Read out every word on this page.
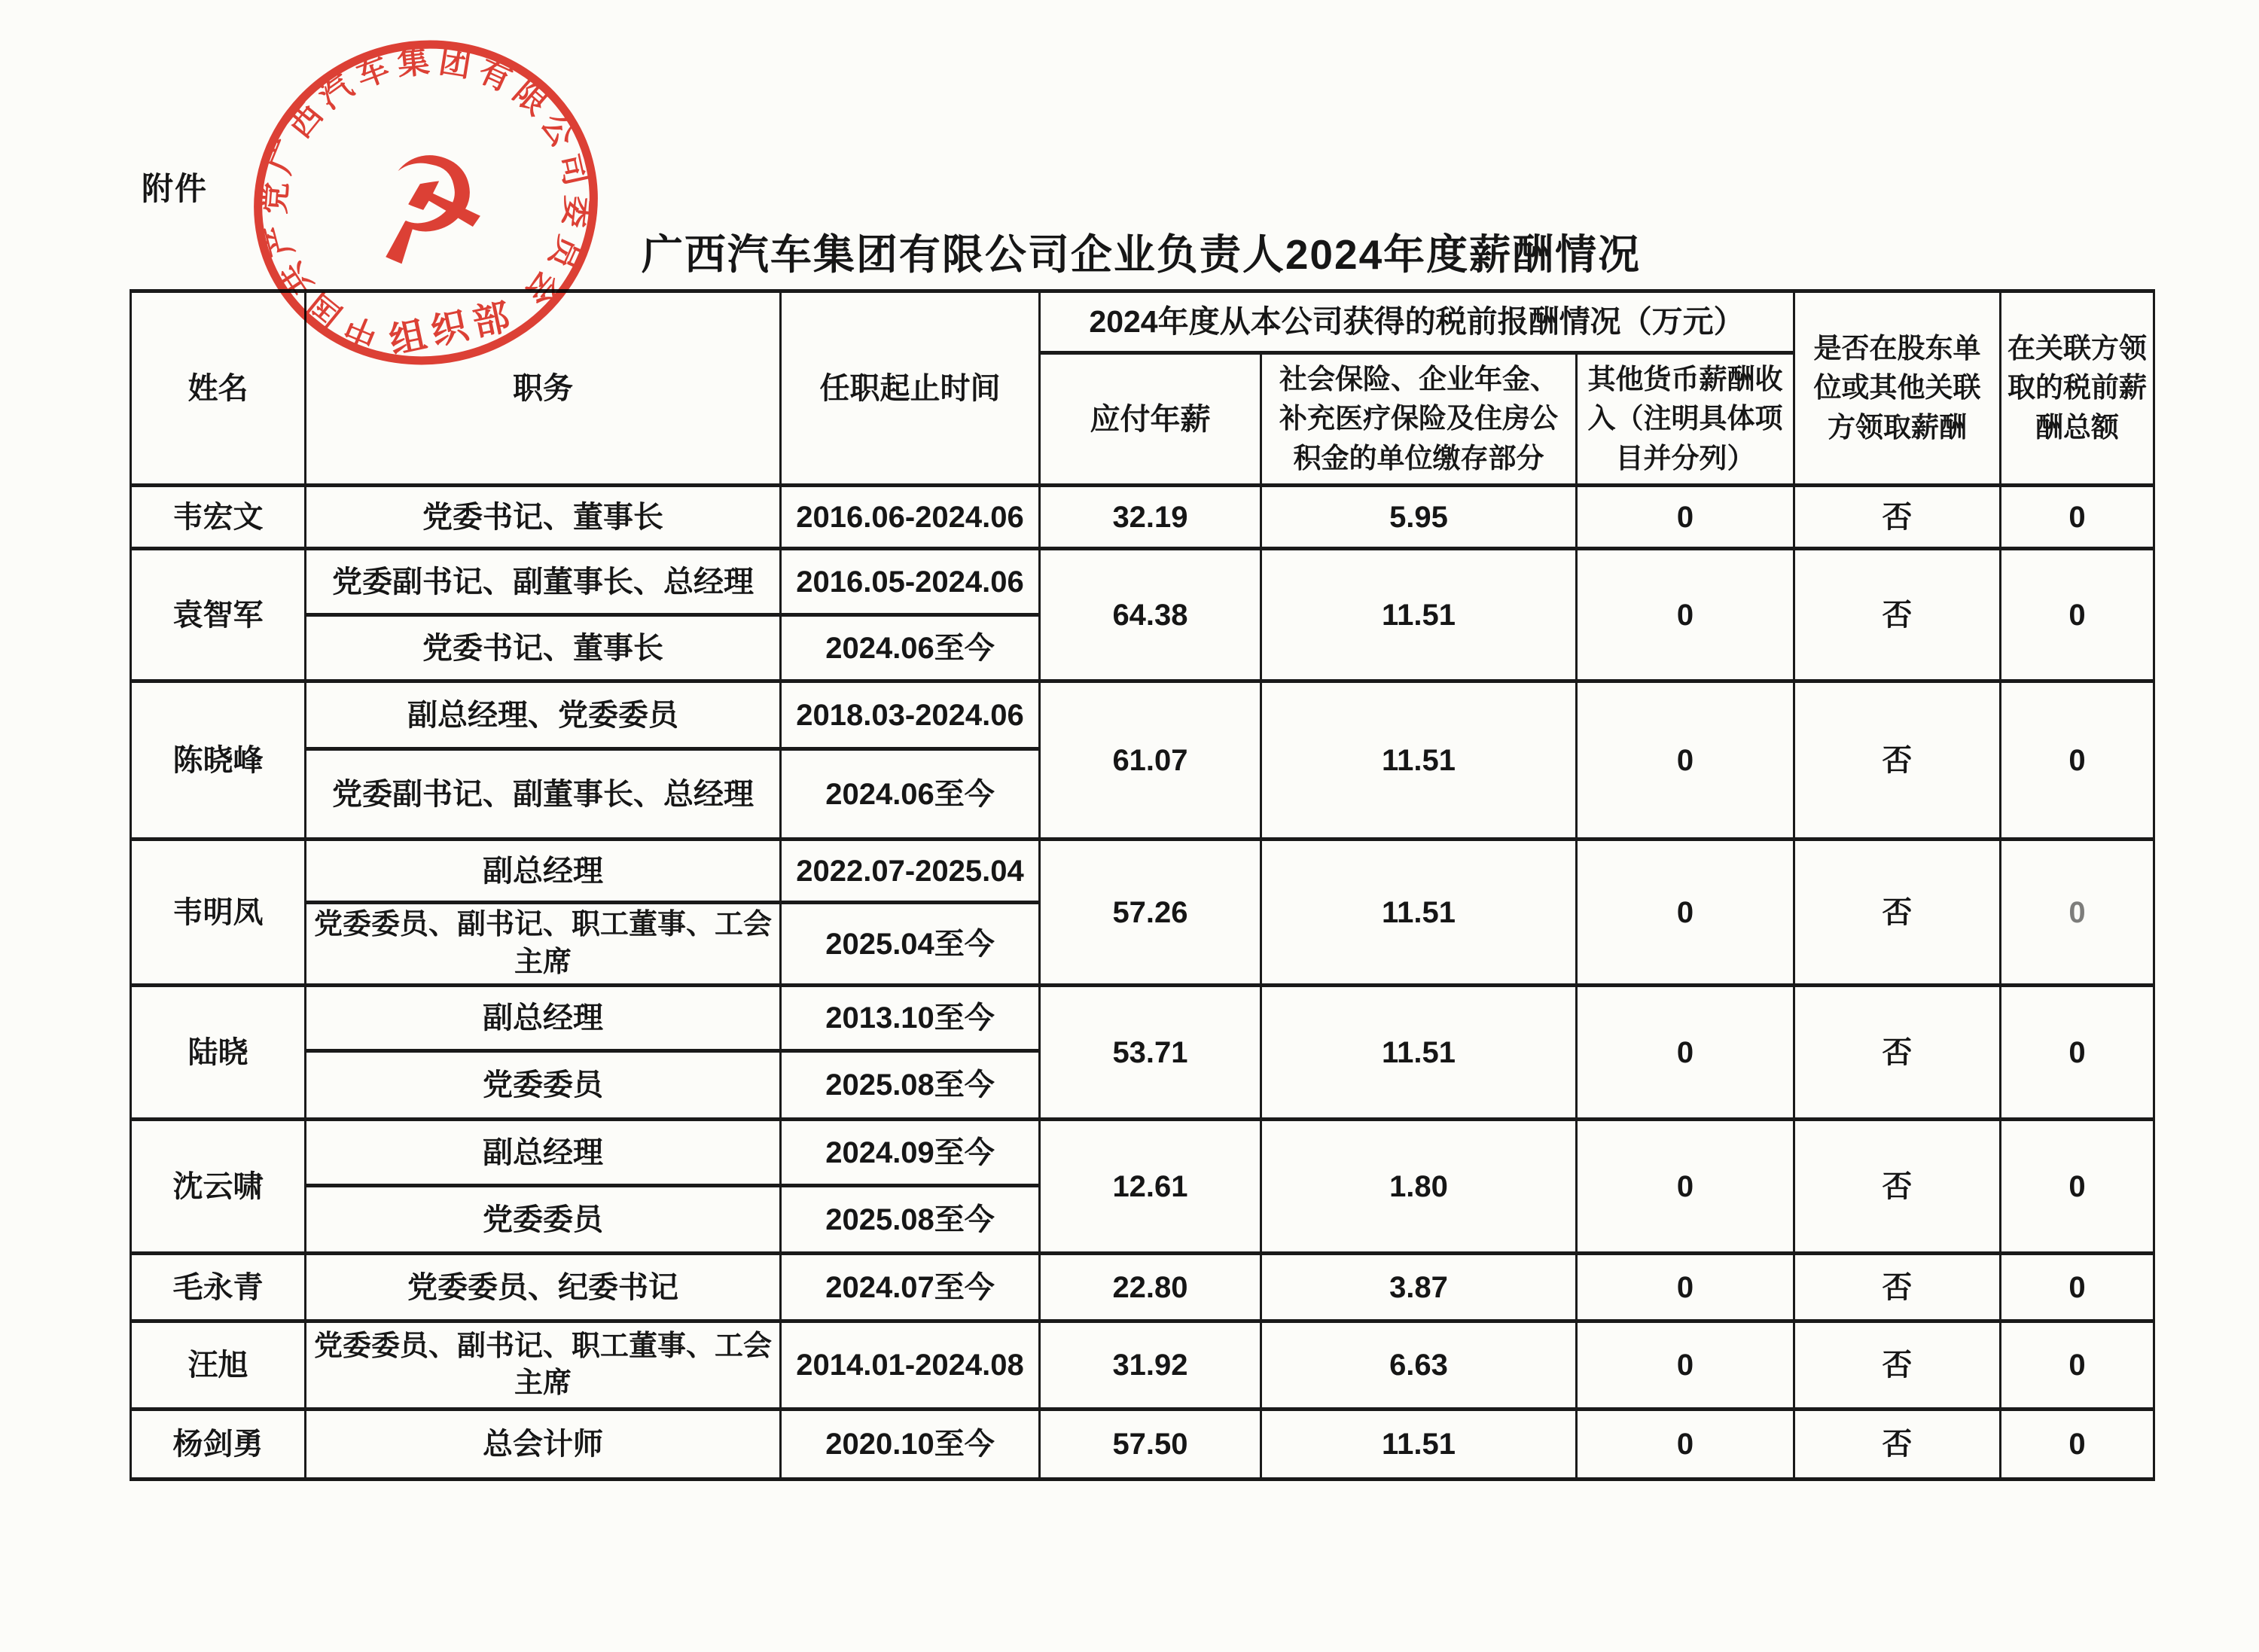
附件
广西汽车集团有限公司企业负责人2024年度薪酬情况
姓名	职务	任职起止时间	2024年度从本公司获得的税前报酬情况（万元）			是否在股东单位或其他关联方领取薪酬	在关联方领取的税前薪酬总额
			应付年薪	社会保险、企业年金、补充医疗保险及住房公积金的单位缴存部分	其他货币薪酬收入（注明具体项目并分列）		
韦宏文	党委书记、董事长	2016.06-2024.06	32.19	5.95	0	否	0
袁智军	党委副书记、副董事长、总经理	2016.05-2024.06	64.38	11.51	0	否	0
	党委书记、董事长	2024.06至今					
陈晓峰	副总经理、党委委员	2018.03-2024.06	61.07	11.51	0	否	0
	党委副书记、副董事长、总经理	2024.06至今					
韦明凤	副总经理	2022.07-2025.04	57.26	11.51	0	否	0
	党委委员、副书记、职工董事、工会主席	2025.04至今					
陆晓	副总经理	2013.10至今	53.71	11.51	0	否	0
	党委委员	2025.08至今					
沈云啸	副总经理	2024.09至今	12.61	1.80	0	否	0
	党委委员	2025.08至今					
毛永青	党委委员、纪委书记	2024.07至今	22.80	3.87	0	否	0
汪旭	党委委员、副书记、职工董事、工会主席	2014.01-2024.08	31.92	6.63	0	否	0
杨剑勇	总会计师	2020.10至今	57.50	11.51	0	否	0
中国共产党广西汽车集团有限公司委员会
☭
组织部
